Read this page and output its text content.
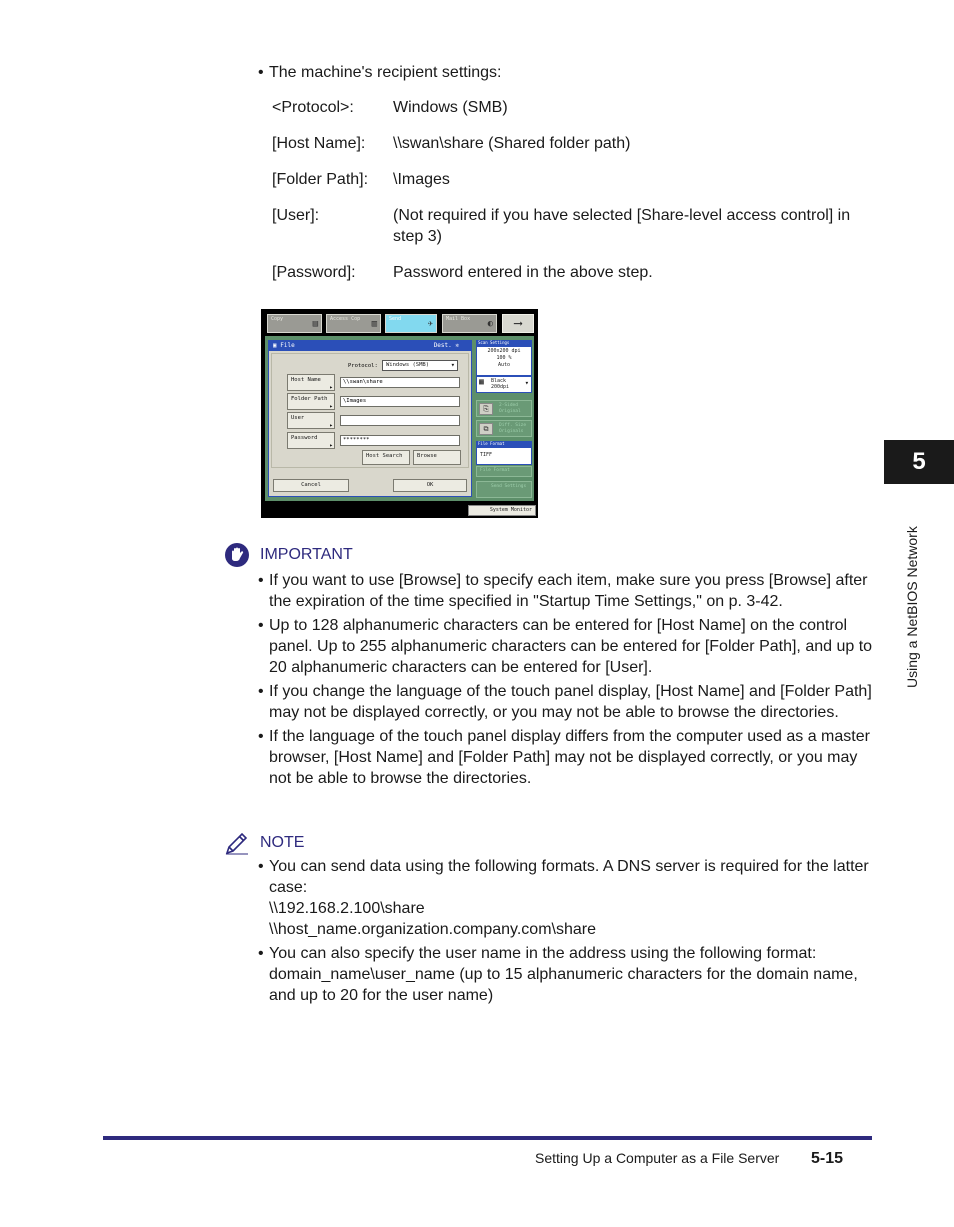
• The machine's recipient settings:
<Protocol>:	Windows (SMB)
[Host Name]:	\\swan\share (Shared folder path)
[Folder Path]:	\Images
[User]:	(Not required if you have selected [Share-level access control] in step 3)
[Password]:	Password entered in the above step.
Copy	▤	Access Cop ▥	Send	✈	Mail Box ◐	⟶
▣ File	Dest. ✲
Protocol:	Windows (SMB)	▾
Host Name ▸	\\swan\share
Folder Path ▸	\Images
User ▸
Password ▸	********
Host Search	Browse
Cancel	OK
Scan Settings
200x200 dpi
100 %
Auto
▦ Black
200dpi	▾
⎘	2-Sided Original
⧉	Diff. Size Originals
File Format
TIFF
File Format
Send Settings
System Monitor
IMPORTANT
• If you want to use [Browse] to specify each item, make sure you press [Browse] after the expiration of the time specified in "Startup Time Settings," on p. 3-42.
• Up to 128 alphanumeric characters can be entered for [Host Name] on the control panel. Up to 255 alphanumeric characters can be entered for [Folder Path], and up to 20 alphanumeric characters can be entered for [User].
• If you change the language of the touch panel display, [Host Name] and [Folder Path] may not be displayed correctly, or you may not be able to browse the directories.
• If the language of the touch panel display differs from the computer used as a master browser, [Host Name] and [Folder Path] may not be displayed correctly, or you may not be able to browse the directories.
NOTE
• You can send data using the following formats. A DNS server is required for the latter case:
\\192.168.2.100\share
\\host_name.organization.company.com\share
• You can also specify the user name in the address using the following format: domain_name\user_name (up to 15 alphanumeric characters for the domain name, and up to 20 for the user name)
5
Using a NetBIOS Network
Setting Up a Computer as a File Server 5-15
